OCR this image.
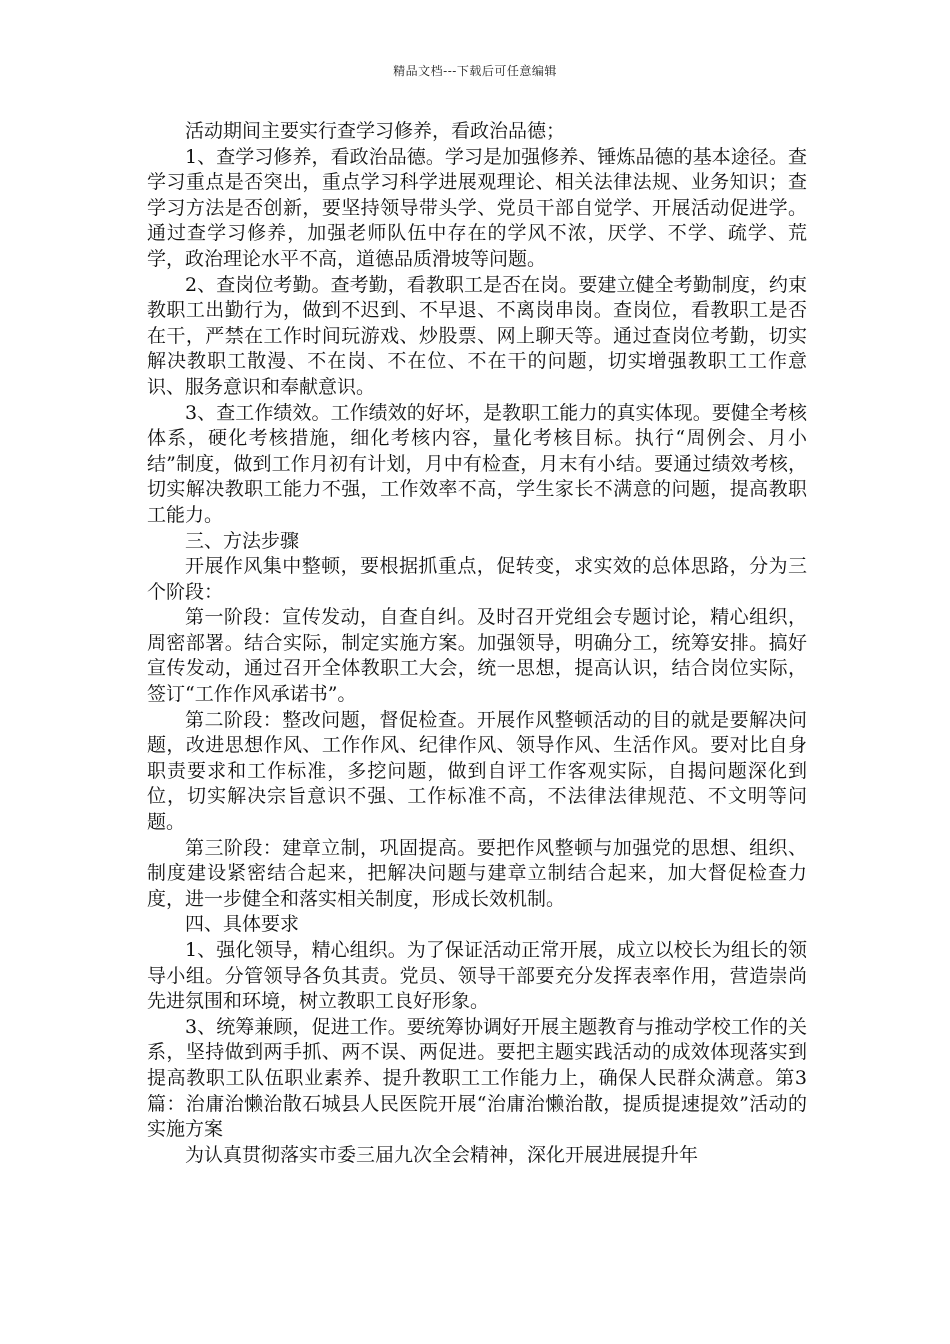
精品文档---下载后可任意编辑

活动期间主要实行查学习修养，看政治品德；

1、查学习修养，看政治品德。学习是加强修养、锤炼品德的基本途径。查学习重点是否突出，重点学习科学进展观理论、相关法律法规、业务知识；查学习方法是否创新，要坚持领导带头学、党员干部自觉学、开展活动促进学。通过查学习修养，加强老师队伍中存在的学风不浓，厌学、不学、疏学、荒学，政治理论水平不高，道德品质滑坡等问题。

2、查岗位考勤。查考勤，看教职工是否在岗。要建立健全考勤制度，约束教职工出勤行为，做到不迟到、不早退、不离岗串岗。查岗位，看教职工是否在干，严禁在工作时间玩游戏、炒股票、网上聊天等。通过查岗位考勤，切实解决教职工散漫、不在岗、不在位、不在干的问题，切实增强教职工工作意识、服务意识和奉献意识。

3、查工作绩效。工作绩效的好坏，是教职工能力的真实体现。要健全考核体系，硬化考核措施，细化考核内容，量化考核目标。执行“周例会、月小结”制度，做到工作月初有计划，月中有检查，月末有小结。要通过绩效考核，切实解决教职工能力不强，工作效率不高，学生家长不满意的问题，提高教职工能力。

三、方法步骤

开展作风集中整顿，要根据抓重点，促转变，求实效的总体思路，分为三个阶段：

第一阶段：宣传发动，自查自纠。及时召开党组会专题讨论，精心组织，周密部署。结合实际，制定实施方案。加强领导，明确分工，统筹安排。搞好宣传发动，通过召开全体教职工大会，统一思想，提高认识，结合岗位实际，签订“工作作风承诺书”。

第二阶段：整改问题，督促检查。开展作风整顿活动的目的就是要解决问题，改进思想作风、工作作风、纪律作风、领导作风、生活作风。要对比自身职责要求和工作标准，多挖问题，做到自评工作客观实际，自揭问题深化到位，切实解决宗旨意识不强、工作标准不高，不法律法律规范、不文明等问题。

第三阶段：建章立制，巩固提高。要把作风整顿与加强党的思想、组织、制度建设紧密结合起来，把解决问题与建章立制结合起来，加大督促检查力度，进一步健全和落实相关制度，形成长效机制。

四、具体要求

1、强化领导，精心组织。为了保证活动正常开展，成立以校长为组长的领导小组。分管领导各负其责。党员、领导干部要充分发挥表率作用，营造崇尚先进氛围和环境，树立教职工良好形象。

3、统筹兼顾，促进工作。要统筹协调好开展主题教育与推动学校工作的关系，坚持做到两手抓、两不误、两促进。要把主题实践活动的成效体现落实到提高教职工队伍职业素养、提升教职工工作能力上，确保人民群众满意。第3篇：治庸治懒治散石城县人民医院开展“治庸治懒治散，提质提速提效”活动的实施方案

为认真贯彻落实市委三届九次全会精神，深化开展进展提升年
